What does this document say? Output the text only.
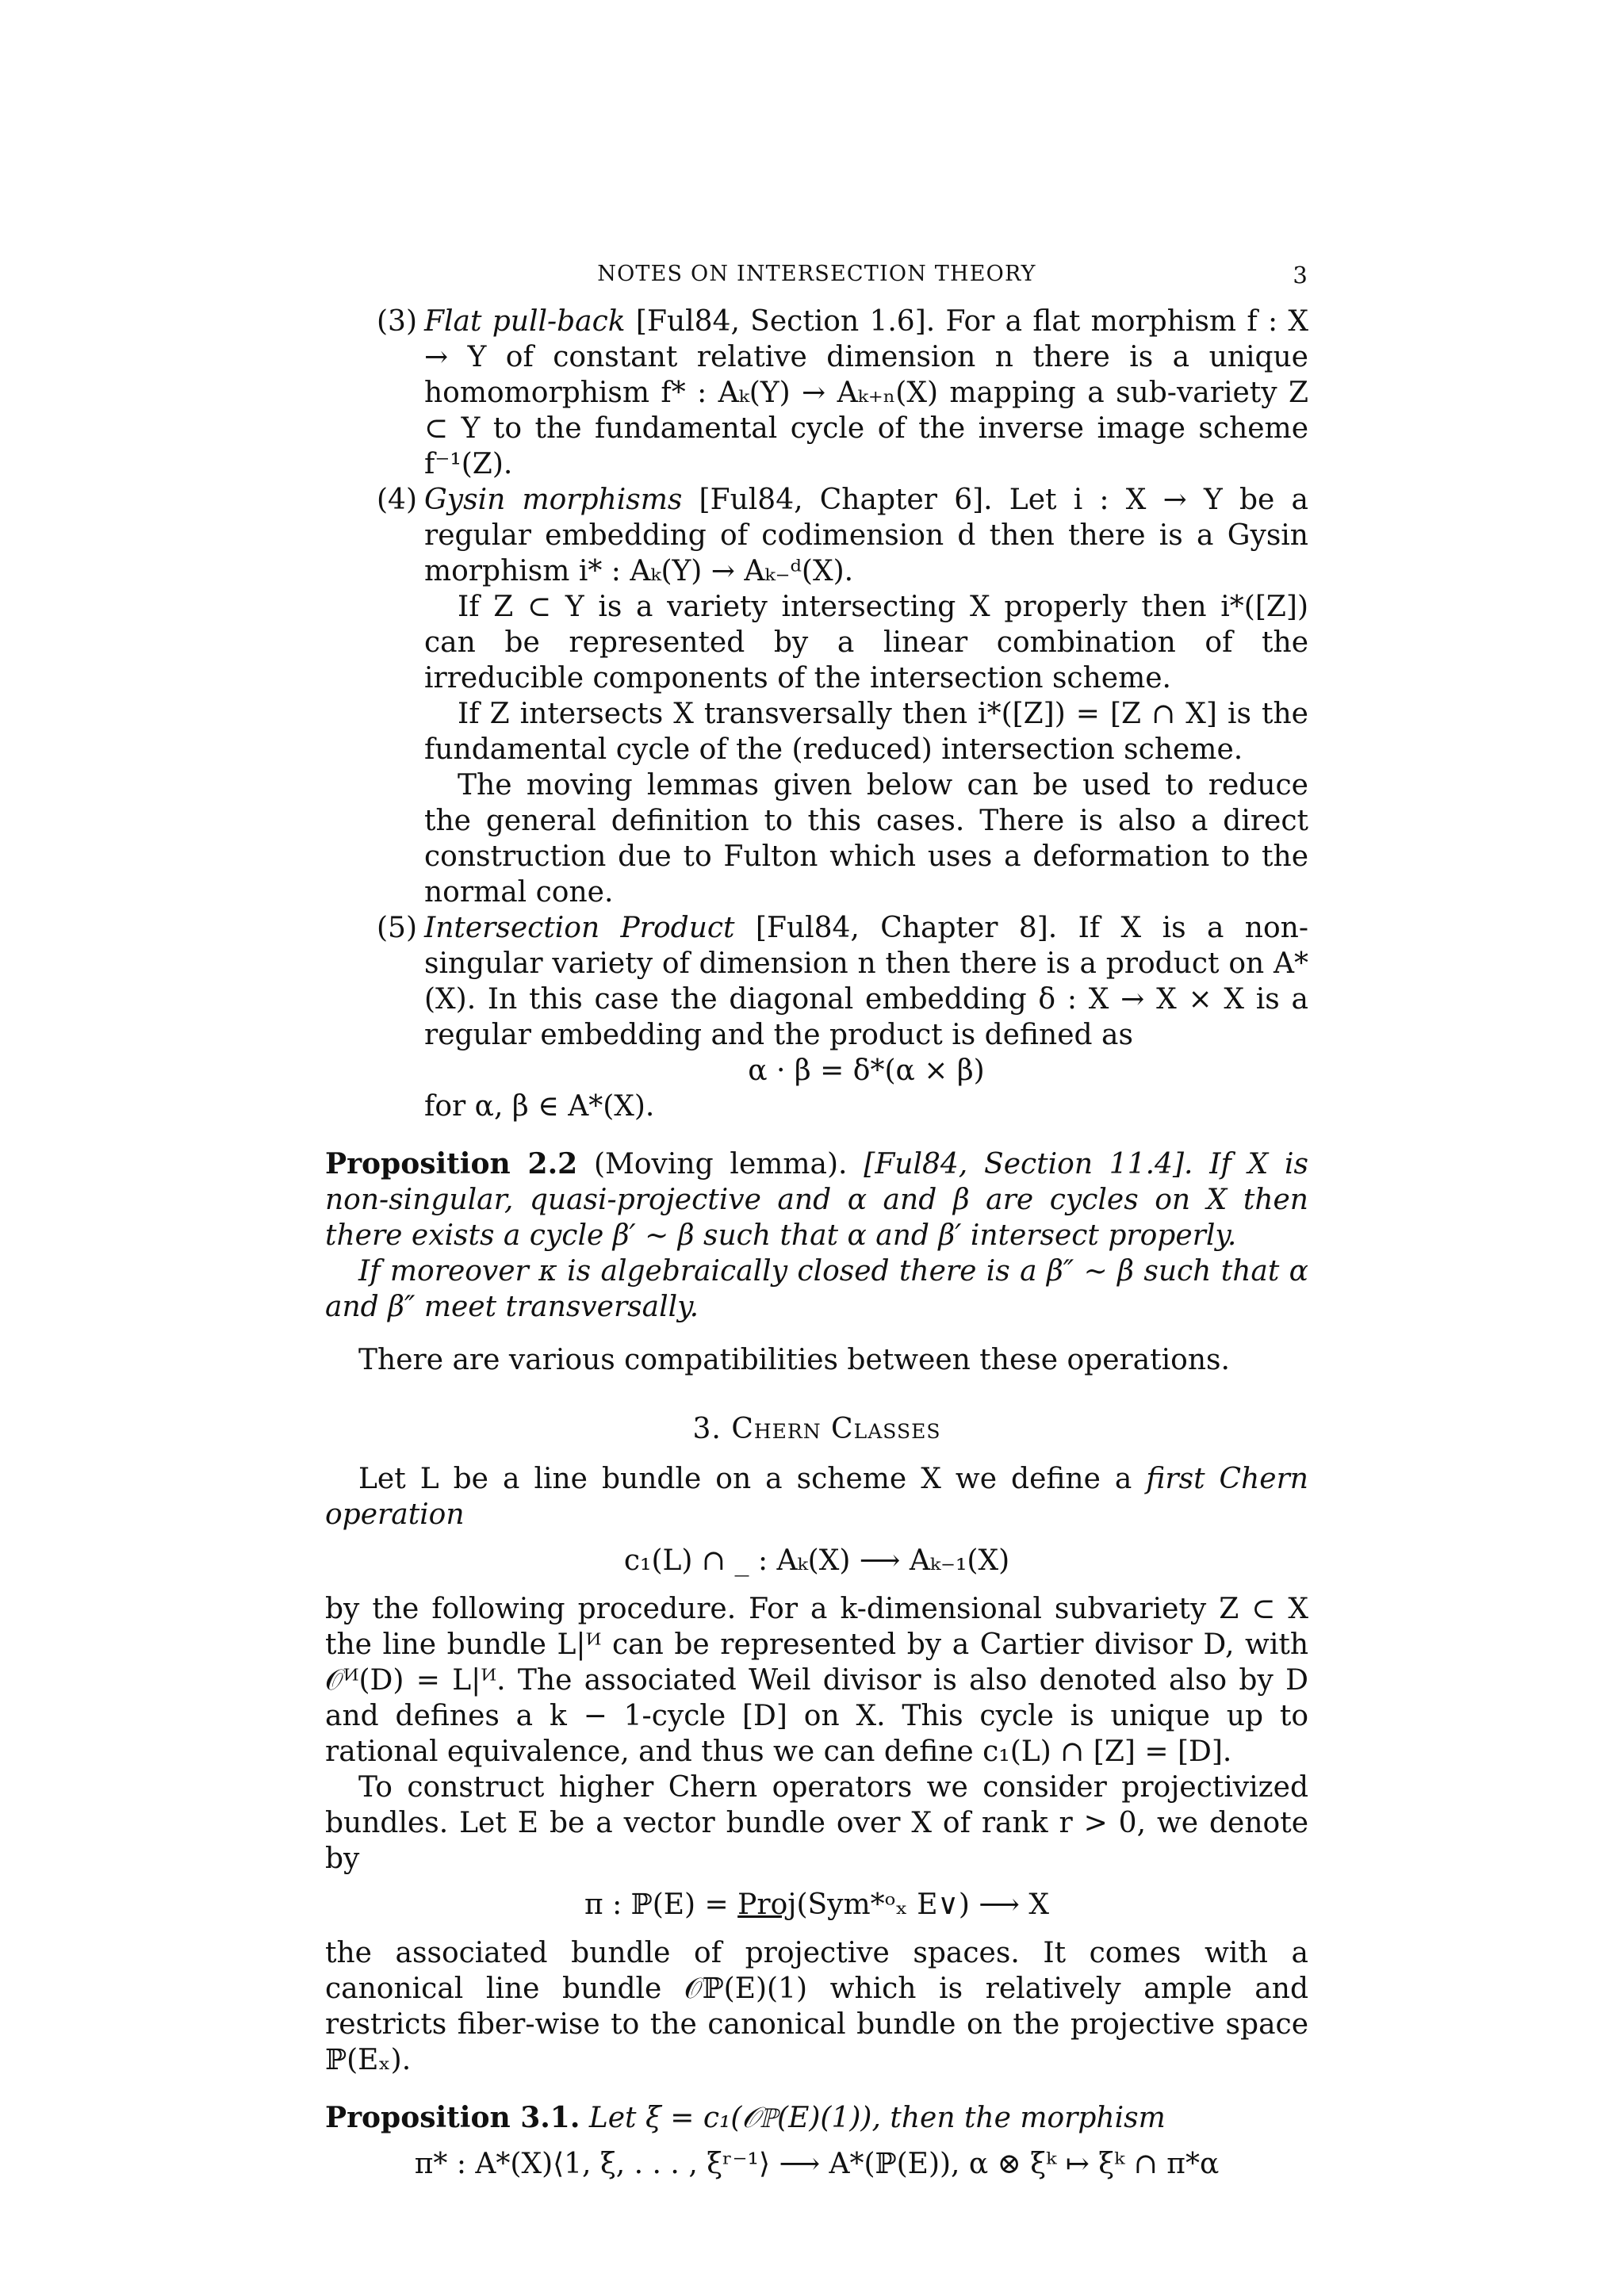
NOTES ON INTERSECTION THEORY	3
(3) Flat pull-back [Ful84, Section 1.6]. For a flat morphism f : X → Y of constant relative dimension n there is a unique homomorphism f* : Aₖ(Y) → Aₖ₊ₙ(X) mapping a sub-variety Z ⊂ Y to the fundamental cycle of the inverse image scheme f⁻¹(Z).

(4) Gysin morphisms [Ful84, Chapter 6]. Let i : X → Y be a regular embedding of codimension d then there is a Gysin morphism i* : Aₖ(Y) → Aₖ₋ᵈ(X).

If Z ⊂ Y is a variety intersecting X properly then i*([Z]) can be represented by a linear combination of the irreducible components of the intersection scheme.

If Z intersects X transversally then i*([Z]) = [Z ∩ X] is the fundamental cycle of the (reduced) intersection scheme.

The moving lemmas given below can be used to reduce the general definition to this cases. There is also a direct construction due to Fulton which uses a deformation to the normal cone.

(5) Intersection Product [Ful84, Chapter 8]. If X is a non-singular variety of dimension n then there is a product on A*(X). In this case the diagonal embedding δ : X → X × X is a regular embedding and the product is defined as

α · β = δ*(α × β)

for α, β ∈ A*(X).

Proposition 2.2 (Moving lemma). [Ful84, Section 11.4]. If X is non-singular, quasi-projective and α and β are cycles on X then there exists a cycle β′ ∼ β such that α and β′ intersect properly.

If moreover κ is algebraically closed there is a β″ ∼ β such that α and β″ meet transversally.

There are various compatibilities between these operations.

3. Chern Classes

Let L be a line bundle on a scheme X we define a first Chern operation

c₁(L) ∩ _ : Aₖ(X) ⟶ Aₖ₋₁(X)

by the following procedure. For a k-dimensional subvariety Z ⊂ X the line bundle L|ᴻ can be represented by a Cartier divisor D, with 𝒪ᴻ(D) = L|ᴻ. The associated Weil divisor is also denoted also by D and defines a k − 1-cycle [D] on X. This cycle is unique up to rational equivalence, and thus we can define c₁(L) ∩ [Z] = [D].

To construct higher Chern operators we consider projectivized bundles. Let E be a vector bundle over X of rank r > 0, we denote by

π : ℙ(E) = Proj(Sym*ᵒₓ E∨) ⟶ X

the associated bundle of projective spaces. It comes with a canonical line bundle 𝒪ℙ(E)(1) which is relatively ample and restricts fiber-wise to the canonical bundle on the projective space ℙ(Eₓ).

Proposition 3.1. Let ξ = c₁(𝒪ℙ(E)(1)), then the morphism

π* : A*(X)⟨1, ξ, . . . , ξʳ⁻¹⟩ ⟶ A*(ℙ(E)), α ⊗ ξᵏ ↦ ξᵏ ∩ π*α
